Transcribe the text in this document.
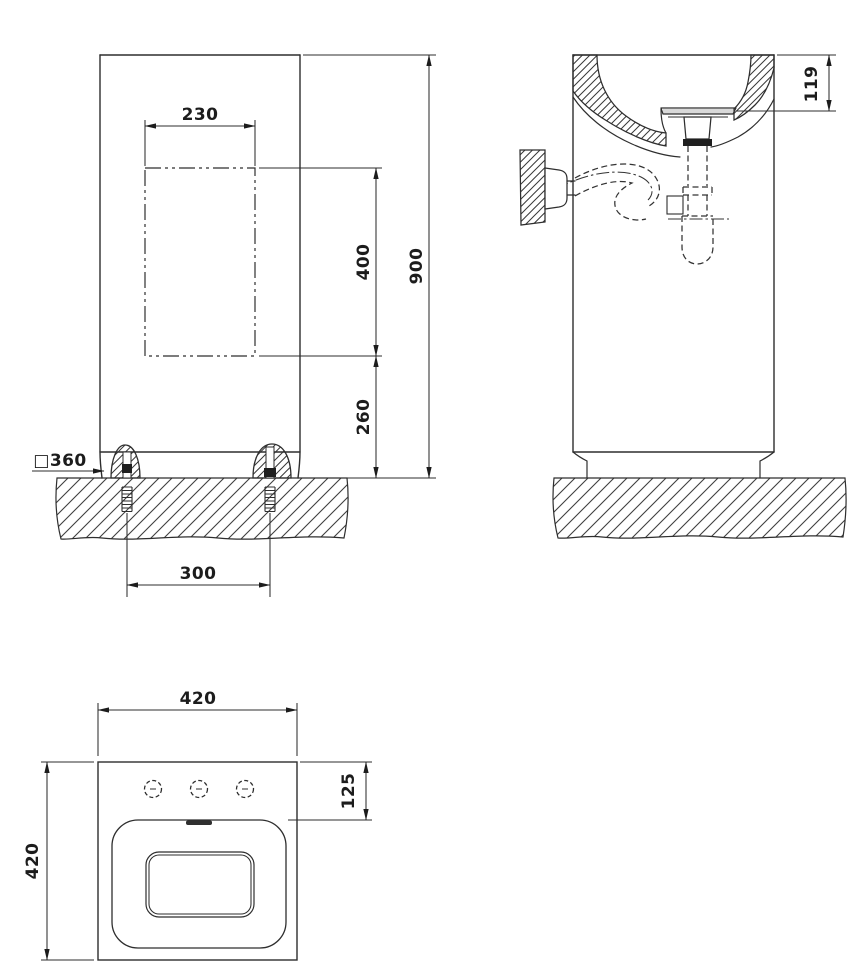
230
400 900
260
300
□360
119
420
420
125
